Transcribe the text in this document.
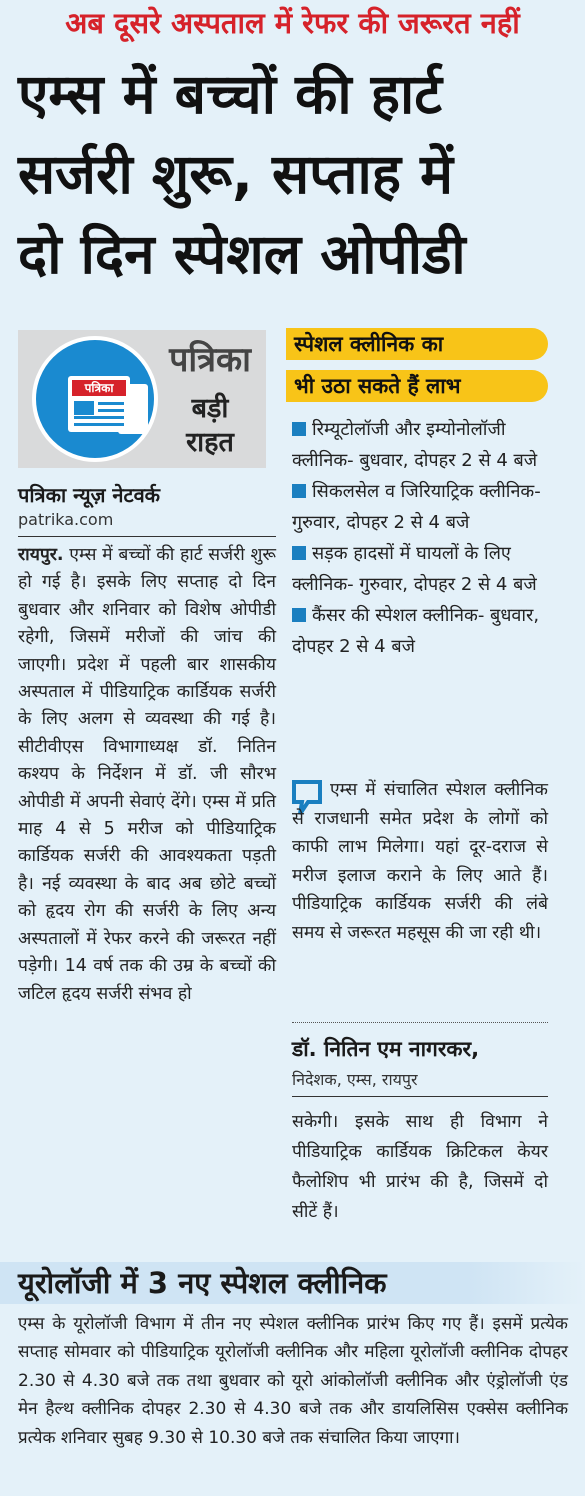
अब दूसरे अस्पताल में रेफर की जरूरत नहीं
एम्स में बच्चों की हार्ट
सर्जरी शुरू, सप्ताह में
दो दिन स्पेशल ओपीडी
पत्रिका
पत्रिका
बड़ी
राहत
पत्रिका न्यूज़ नेटवर्क
patrika.com
रायपुर. एम्स में बच्चों की हार्ट सर्जरी शुरू हो गई है। इसके लिए सप्ताह दो दिन बुधवार और शनिवार को विशेष ओपीडी रहेगी, जिसमें मरीजों की जांच की जाएगी। प्रदेश में पहली बार शासकीय अस्पताल में पीडियाट्रिक कार्डियक सर्जरी के लिए अलग से व्यवस्था की गई है। सीटीवीएस विभागाध्यक्ष डॉ. नितिन कश्यप के निर्देशन में डॉ. जी सौरभ ओपीडी में अपनी सेवाएं देंगे। एम्स में प्रति माह 4 से 5 मरीज को पीडियाट्रिक कार्डियक सर्जरी की आवश्यकता पड़ती है। नई व्यवस्था के बाद अब छोटे बच्चों को हृदय रोग की सर्जरी के लिए अन्य अस्पतालों में रेफर करने की जरूरत नहीं पड़ेगी। 14 वर्ष तक की उम्र के बच्चों की जटिल हृदय सर्जरी संभव हो
स्पेशल क्लीनिक का
भी उठा सकते हैं लाभ
रिम्यूटोलॉजी और इम्योनोलॉजी क्लीनिक- बुधवार, दोपहर 2 से 4 बजे
सिकलसेल व जिरियाट्रिक क्लीनिक- गुरुवार, दोपहर 2 से 4 बजे
सड़क हादसों में घायलों के लिए क्लीनिक- गुरुवार, दोपहर 2 से 4 बजे
कैंसर की स्पेशल क्लीनिक- बुधवार, दोपहर 2 से 4 बजे
एम्स में संचालित स्पेशल क्लीनिक से राजधानी समेत प्रदेश के लोगों को काफी लाभ मिलेगा। यहां दूर-दराज से मरीज इलाज कराने के लिए आते हैं। पीडियाट्रिक कार्डियक सर्जरी की लंबे समय से जरूरत महसूस की जा रही थी।
डॉ. नितिन एम नागरकर,
निदेशक, एम्स, रायपुर
सकेगी। इसके साथ ही विभाग ने पीडियाट्रिक कार्डियक क्रिटिकल केयर फैलोशिप भी प्रारंभ की है, जिसमें दो सीटें हैं।
यूरोलॉजी में 3 नए स्पेशल क्लीनिक
एम्स के यूरोलॉजी विभाग में तीन नए स्पेशल क्लीनिक प्रारंभ किए गए हैं। इसमें प्रत्येक सप्ताह सोमवार को पीडियाट्रिक यूरोलॉजी क्लीनिक और महिला यूरोलॉजी क्लीनिक दोपहर 2.30 से 4.30 बजे तक तथा बुधवार को यूरो आंकोलॉजी क्लीनिक और एंड्रोलॉजी एंड मेन हैल्थ क्लीनिक दोपहर 2.30 से 4.30 बजे तक और डायलिसिस एक्सेस क्लीनिक प्रत्येक शनिवार सुबह 9.30 से 10.30 बजे तक संचालित किया जाएगा।
